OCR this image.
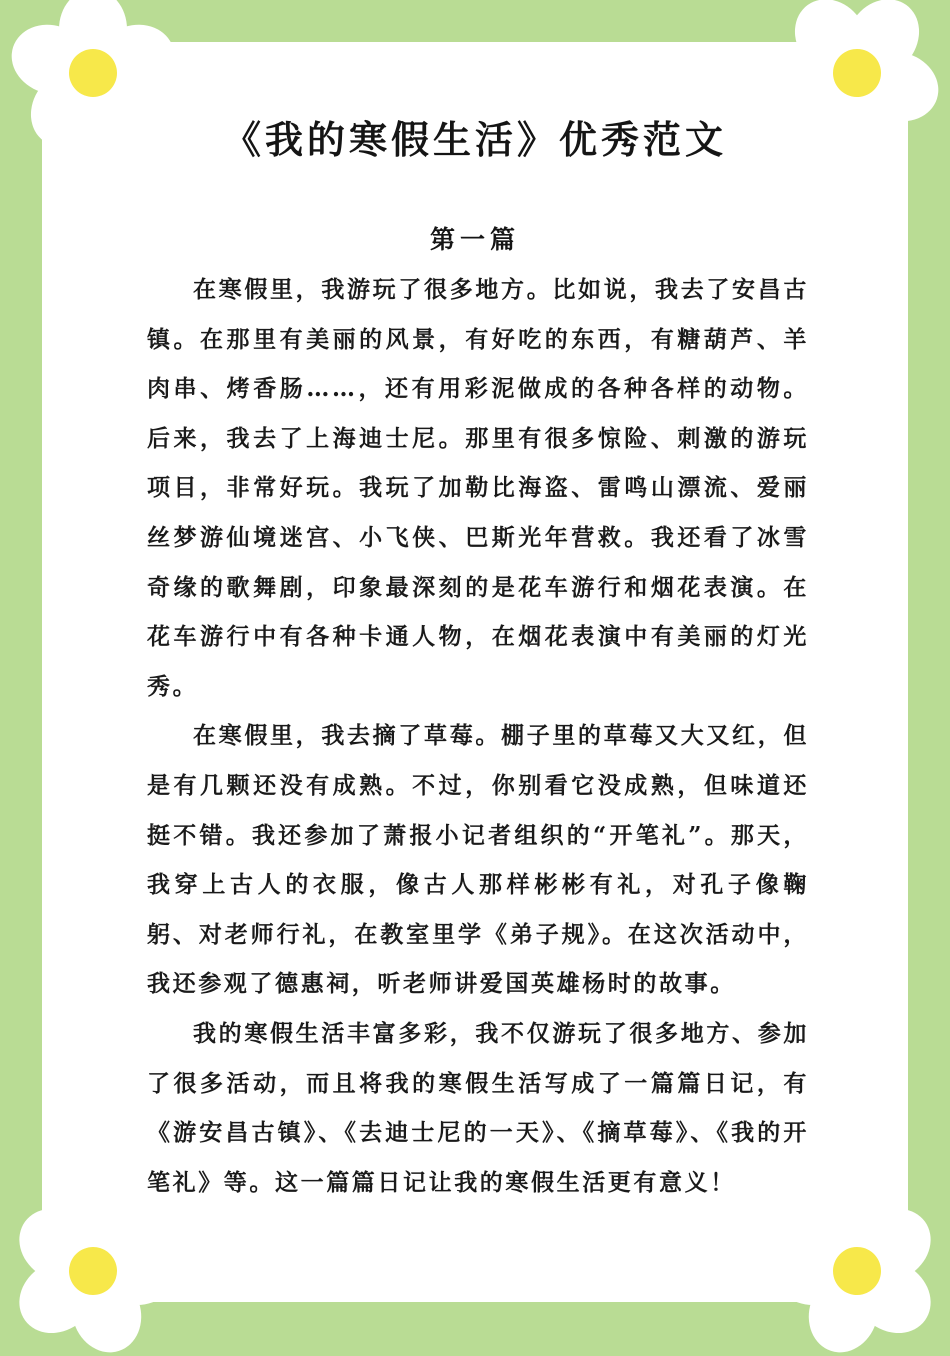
《我的寒假生活》优秀范文
第一篇

在寒假里，我游玩了很多地方。比如说，我去了安昌古镇。在那里有美丽的风景，有好吃的东西，有糖葫芦、羊肉串、烤香肠……，还有用彩泥做成的各种各样的动物。后来，我去了上海迪士尼。那里有很多惊险、刺激的游玩项目，非常好玩。我玩了加勒比海盗、雷鸣山漂流、爱丽丝梦游仙境迷宫、小飞侠、巴斯光年营救。我还看了冰雪奇缘的歌舞剧，印象最深刻的是花车游行和烟花表演。在花车游行中有各种卡通人物，在烟花表演中有美丽的灯光秀。

在寒假里，我去摘了草莓。棚子里的草莓又大又红，但是有几颗还没有成熟。不过，你别看它没成熟，但味道还挺不错。我还参加了萧报小记者组织的“开笔礼”。那天，我穿上古人的衣服，像古人那样彬彬有礼，对孔子像鞠躬、对老师行礼，在教室里学《弟子规》。在这次活动中，我还参观了德惠祠，听老师讲爱国英雄杨时的故事。

我的寒假生活丰富多彩，我不仅游玩了很多地方、参加了很多活动，而且将我的寒假生活写成了一篇篇日记，有《游安昌古镇》、《去迪士尼的一天》、《摘草莓》、《我的开笔礼》等。这一篇篇日记让我的寒假生活更有意义！
